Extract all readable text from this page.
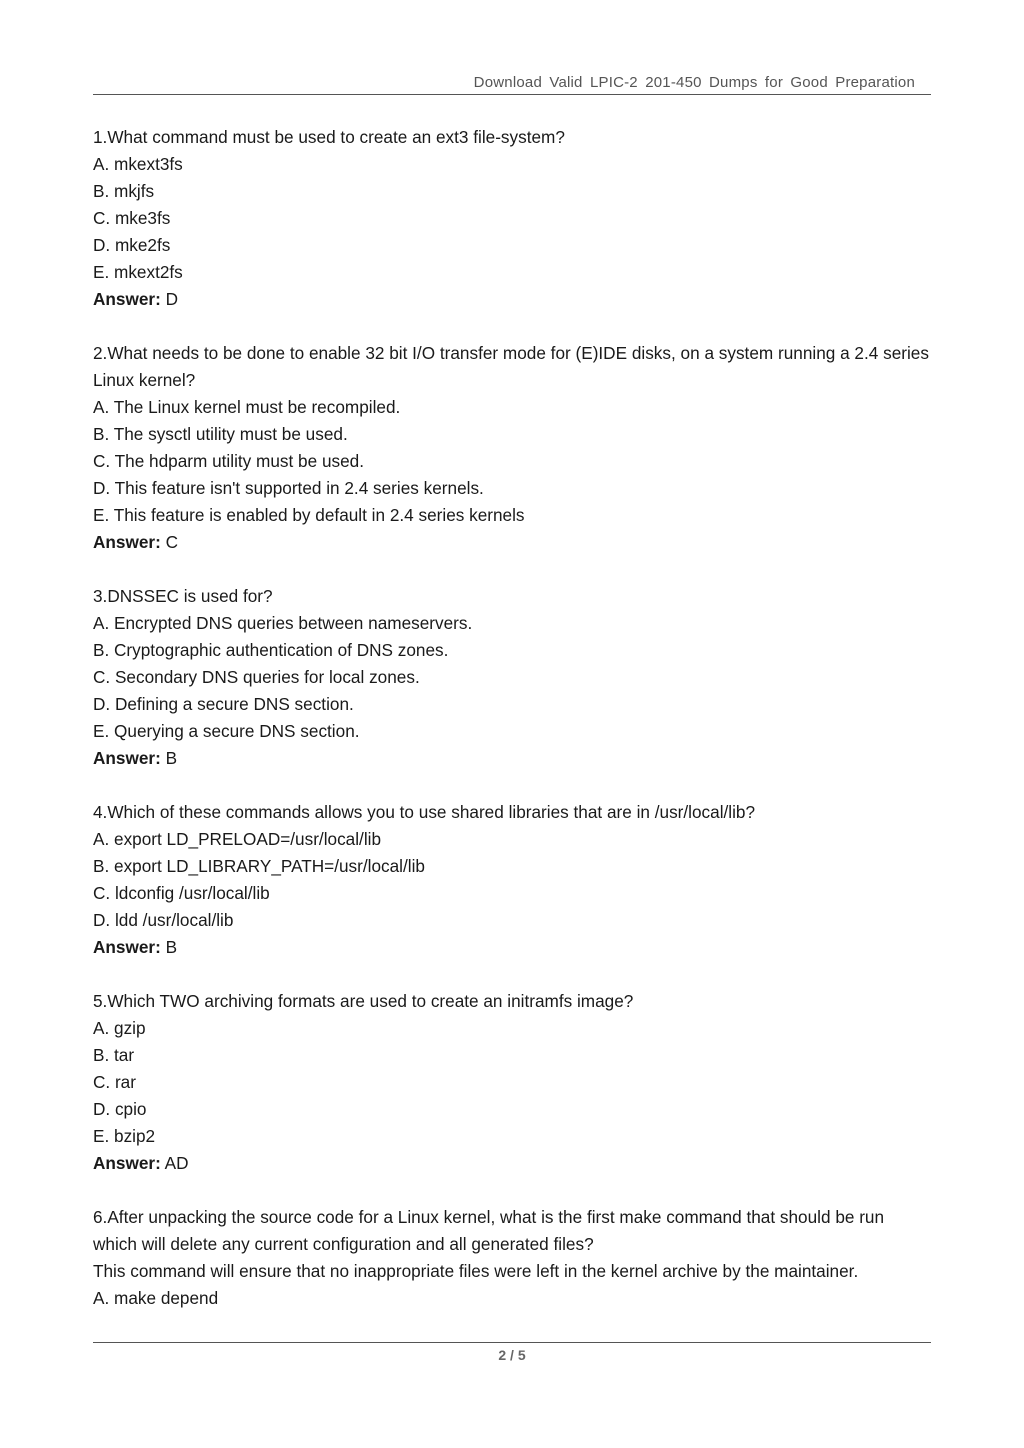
Download Valid LPIC-2 201-450 Dumps for Good Preparation
1.What command must be used to create an ext3 file-system?
A. mkext3fs
B. mkjfs
C. mke3fs
D. mke2fs
E. mkext2fs
Answer: D
2.What needs to be done to enable 32 bit I/O transfer mode for (E)IDE disks, on a system running a 2.4 series Linux kernel?
A. The Linux kernel must be recompiled.
B. The sysctl utility must be used.
C. The hdparm utility must be used.
D. This feature isn't supported in 2.4 series kernels.
E. This feature is enabled by default in 2.4 series kernels
Answer: C
3.DNSSEC is used for?
A. Encrypted DNS queries between nameservers.
B. Cryptographic authentication of DNS zones.
C. Secondary DNS queries for local zones.
D. Defining a secure DNS section.
E. Querying a secure DNS section.
Answer: B
4.Which of these commands allows you to use shared libraries that are in /usr/local/lib?
A. export LD_PRELOAD=/usr/local/lib
B. export LD_LIBRARY_PATH=/usr/local/lib
C. ldconfig /usr/local/lib
D. ldd /usr/local/lib
Answer: B
5.Which TWO archiving formats are used to create an initramfs image?
A. gzip
B. tar
C. rar
D. cpio
E. bzip2
Answer: AD
6.After unpacking the source code for a Linux kernel, what is the first make command that should be run which will delete any current configuration and all generated files?
This command will ensure that no inappropriate files were left in the kernel archive by the maintainer.
A. make depend
2 / 5
